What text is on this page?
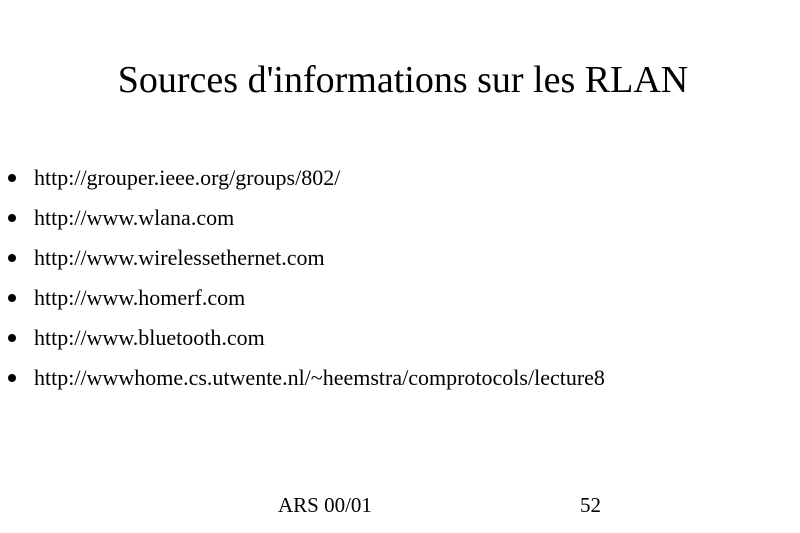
Sources d'informations sur les RLAN
http://grouper.ieee.org/groups/802/
http://www.wlana.com
http://www.wirelessethernet.com
http://www.homerf.com
http://www.bluetooth.com
http://wwwhome.cs.utwente.nl/~heemstra/comprotocols/lecture8
ARS 00/01	52
